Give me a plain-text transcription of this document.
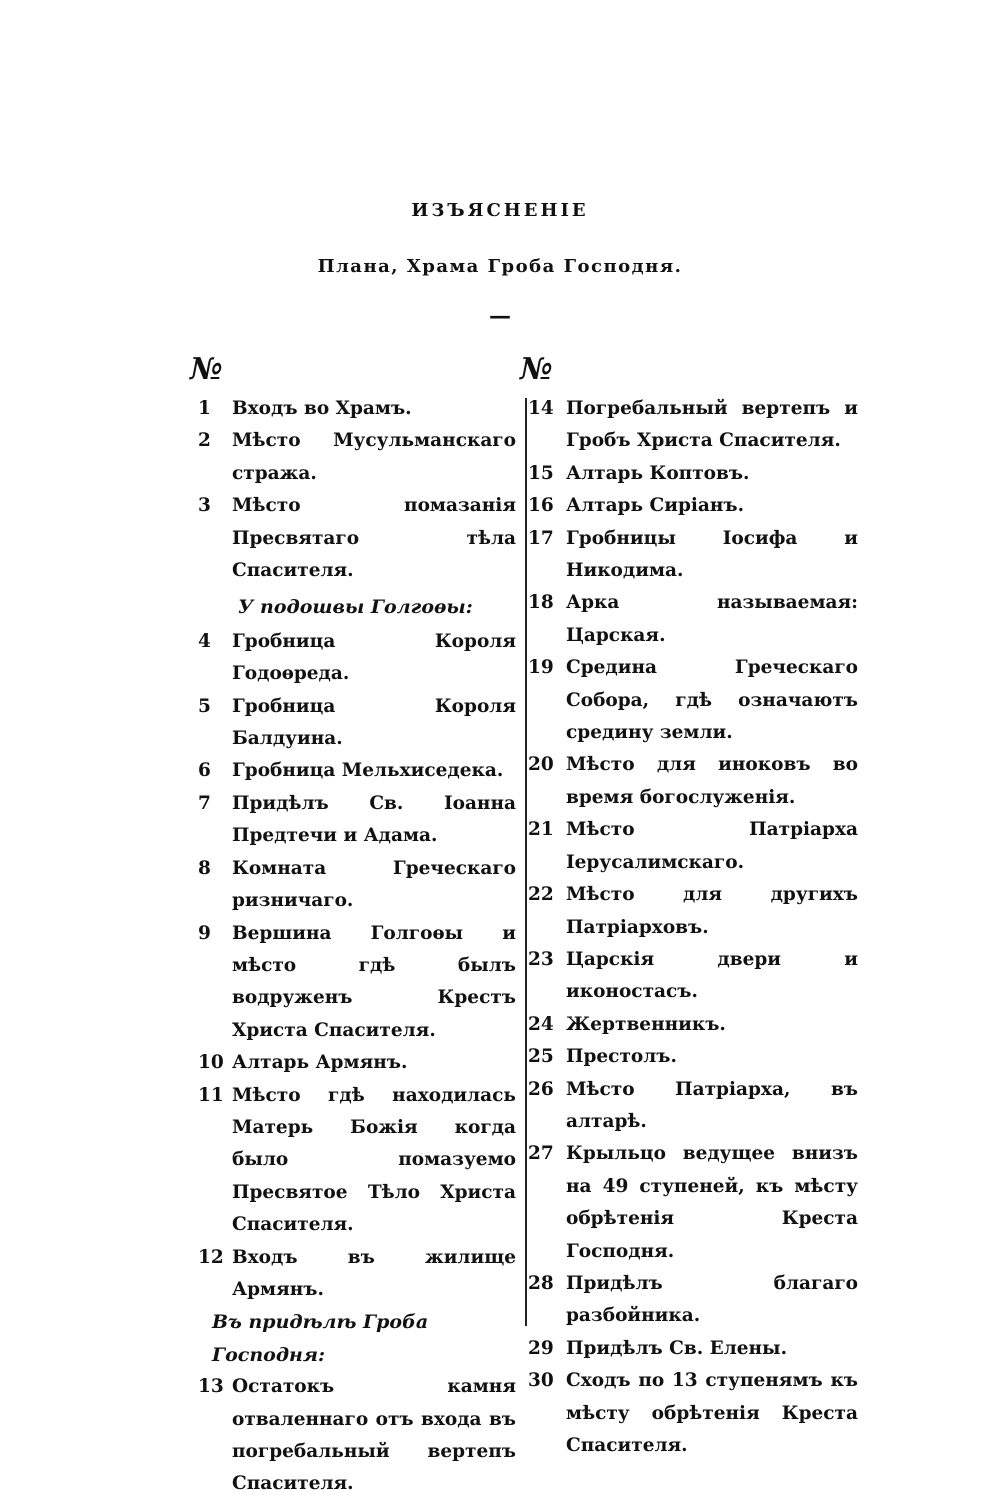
ИЗЪЯСНЕНІЕ
Плана, Храма Гроба Господня.
—
№	№
1	Входъ во Храмъ.
2	Мѣсто Мусульманскаго стража.
3	Мѣсто помазанія Пресвятаго тѣла Спасителя.
У подошвы Голгоѳы:
4	Гробница Короля Годоѳреда.
5	Гробница Короля Балдуина.
6	Гробница Мельхиседека.
7	Придѣлъ Св. Іоанна Предтечи и Адама.
8	Комната Греческаго ризничаго.
9	Вершина Голгоѳы и мѣсто гдѣ былъ водруженъ Крестъ Христа Спасителя.
10 Алтарь Армянъ.
11 Мѣсто гдѣ находилась Матерь Божія когда было помазуемо Пресвятое Тѣло Христа Спасителя.
12 Входъ въ жилище Армянъ.
Въ придѣлѣ Гроба Господня:
13 Остатокъ камня отваленнаго отъ входа въ погребальный вертепъ Спасителя.
14 Погребальный вертепъ и Гробъ Христа Спасителя.
15 Алтарь Коптовъ.
16 Алтарь Сиріанъ.
17 Гробницы Іосифа и Никодима.
18 Арка называемая: Царская.
19 Средина Греческаго Собора, гдѣ означаютъ средину земли.
20 Мѣсто для иноковъ во время богослуженія.
21 Мѣсто Патріарха Іерусалимскаго.
22 Мѣсто для другихъ Патріарховъ.
23 Царскія двери и иконостасъ.
24 Жертвенникъ.
25 Престолъ.
26 Мѣсто Патріарха, въ алтарѣ.
27 Крыльцо ведущее внизъ на 49 ступеней, къ мѣсту обрѣтенія Креста Господня.
28 Придѣлъ благаго разбойника.
29 Придѣлъ Св. Елены.
30 Сходъ по 13 ступенямъ къ мѣсту обрѣтенія Креста Спасителя.
